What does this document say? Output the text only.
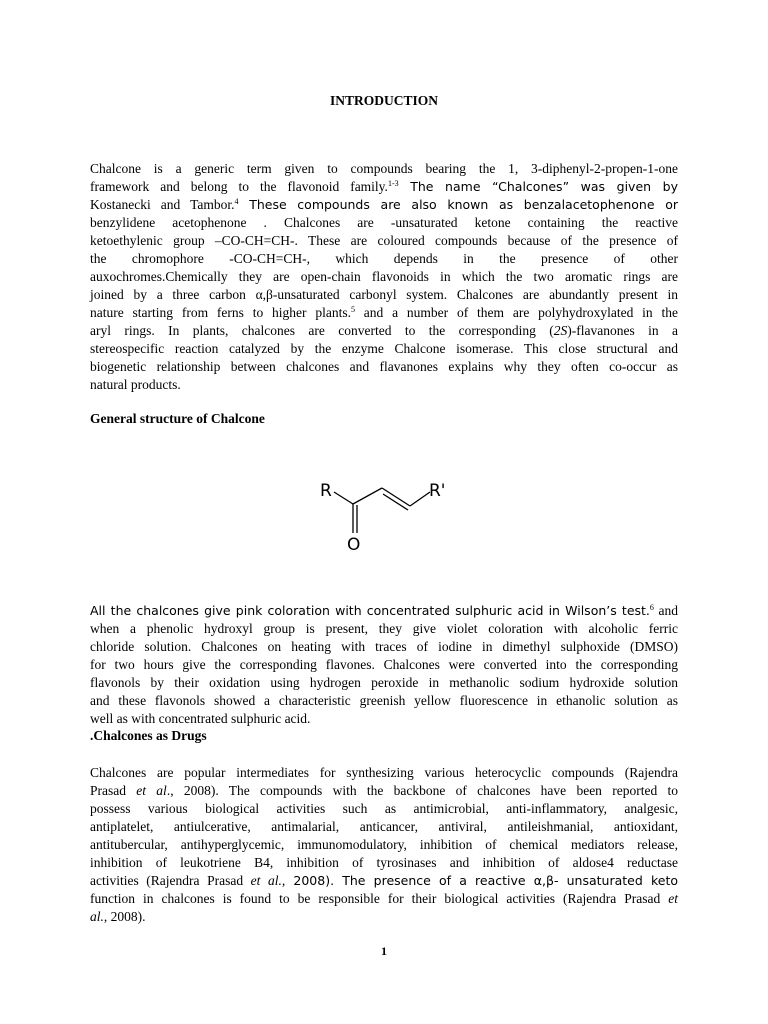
INTRODUCTION
Chalcone is a generic term given to compounds bearing the 1, 3-diphenyl-2-propen-1-one
framework and belong to the flavonoid family.$^{1-3}$ The name “Chalcones” was given by
Kostanecki and Tambor.$^4$ These compounds are also known as benzalacetophenone or
benzylidene acetophenone . Chalcones are -unsaturated ketone containing the reactive
ketoethylenic group –CO-CH=CH-. These are coloured compounds because of the presence of
the chromophore -CO-CH=CH-, which depends in the presence of other
auxochromes.Chemically they are open-chain flavonoids in which the two aromatic rings are
joined by a three carbon α,β-unsaturated carbonyl system. Chalcones are abundantly present in
nature starting from ferns to higher plants.$^5$ and a number of them are polyhydroxylated in the
aryl rings. In plants, chalcones are converted to the corresponding (2S)-flavanones in a
stereospecific reaction catalyzed by the enzyme Chalcone isomerase. This close structural and
biogenetic relationship between chalcones and flavanones explains why they often co-occur as
natural products.
General structure of Chalcone
R	R'
O
All the chalcones give pink coloration with concentrated sulphuric acid in Wilson’s test.$^6$ and
when a phenolic hydroxyl group is present, they give violet coloration with alcoholic ferric
chloride solution. Chalcones on heating with traces of iodine in dimethyl sulphoxide (DMSO)
for two hours give the corresponding flavones. Chalcones were converted into the corresponding
flavonols by their oxidation using hydrogen peroxide in methanolic sodium hydroxide solution
and these flavonols showed a characteristic greenish yellow fluorescence in ethanolic solution as
well as with concentrated sulphuric acid.
.Chalcones as Drugs
Chalcones are popular intermediates for synthesizing various heterocyclic compounds (Rajendra
Prasad et al., 2008). The compounds with the backbone of chalcones have been reported to
possess various biological activities such as antimicrobial, anti-inflammatory, analgesic,
antiplatelet, antiulcerative, antimalarial, anticancer, antiviral, antileishmanial, antioxidant,
antitubercular, antihyperglycemic, immunomodulatory, inhibition of chemical mediators release,
inhibition of leukotriene B4, inhibition of tyrosinases and inhibition of aldose4 reductase
activities (Rajendra Prasad et al., 2008). The presence of a reactive α,β- unsaturated keto
function in chalcones is found to be responsible for their biological activities (Rajendra Prasad et
al., 2008).
1
